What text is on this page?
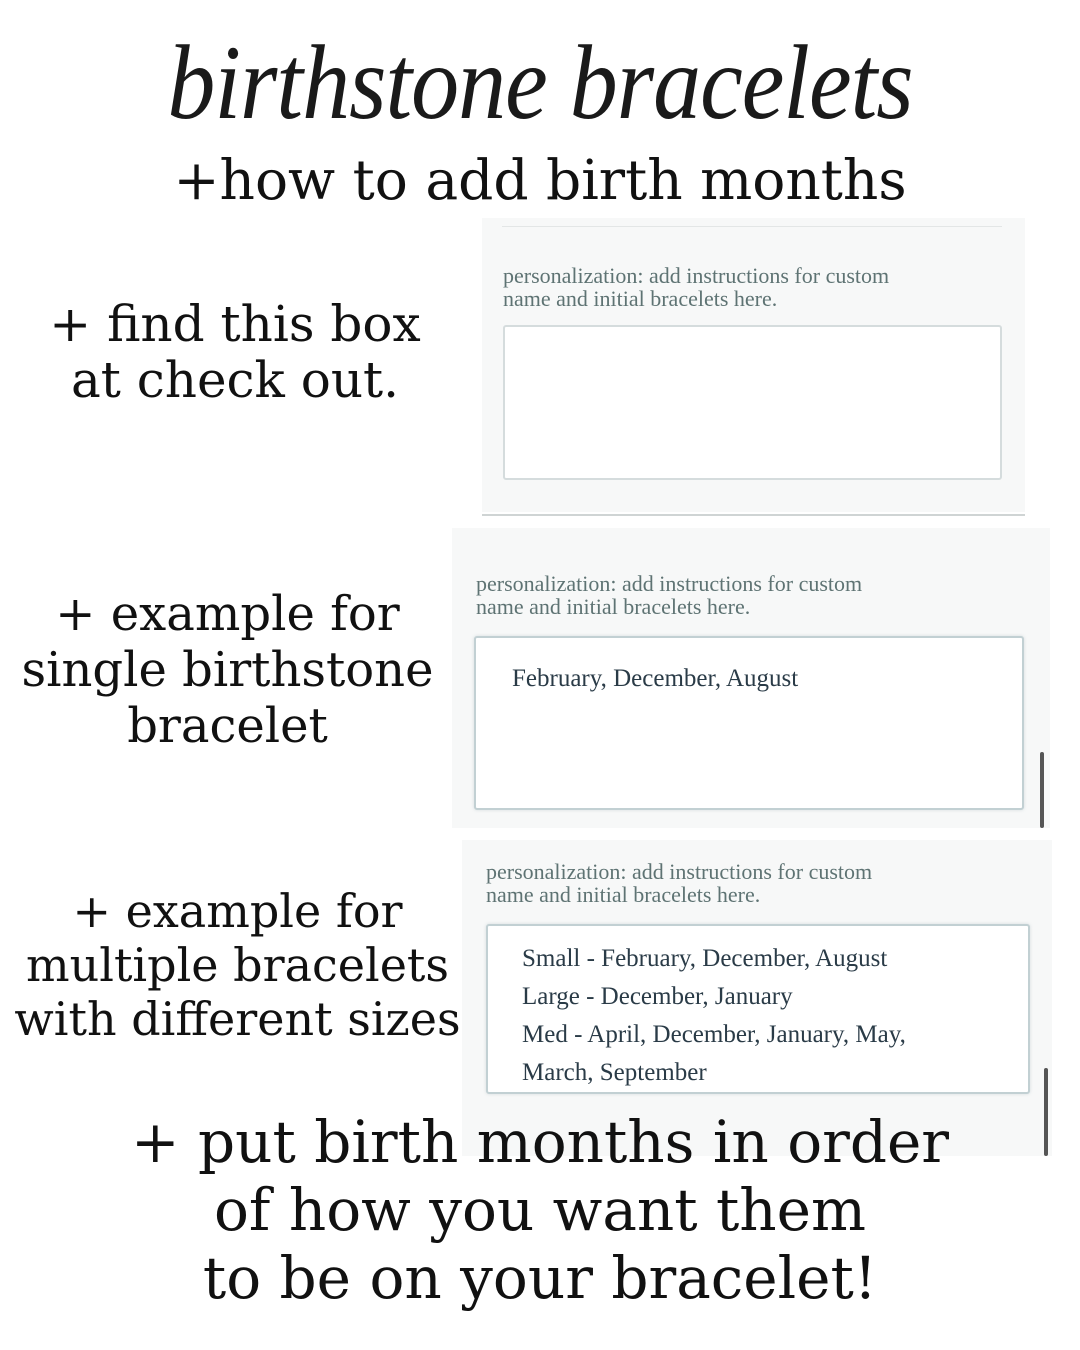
birthstone bracelets
+how to add birth months
+ find this box
at check out.
personalization: add instructions for custom
name and initial bracelets here.
+ example for
single birthstone
bracelet
personalization: add instructions for custom
name and initial bracelets here.
February, December, August
+ example for
multiple bracelets
with different sizes
personalization: add instructions for custom
name and initial bracelets here.
Small - February, December, August
Large - December, January
Med - April, December, January, May,
March, September
+ put birth months in order
of how you want them
to be on your bracelet!
